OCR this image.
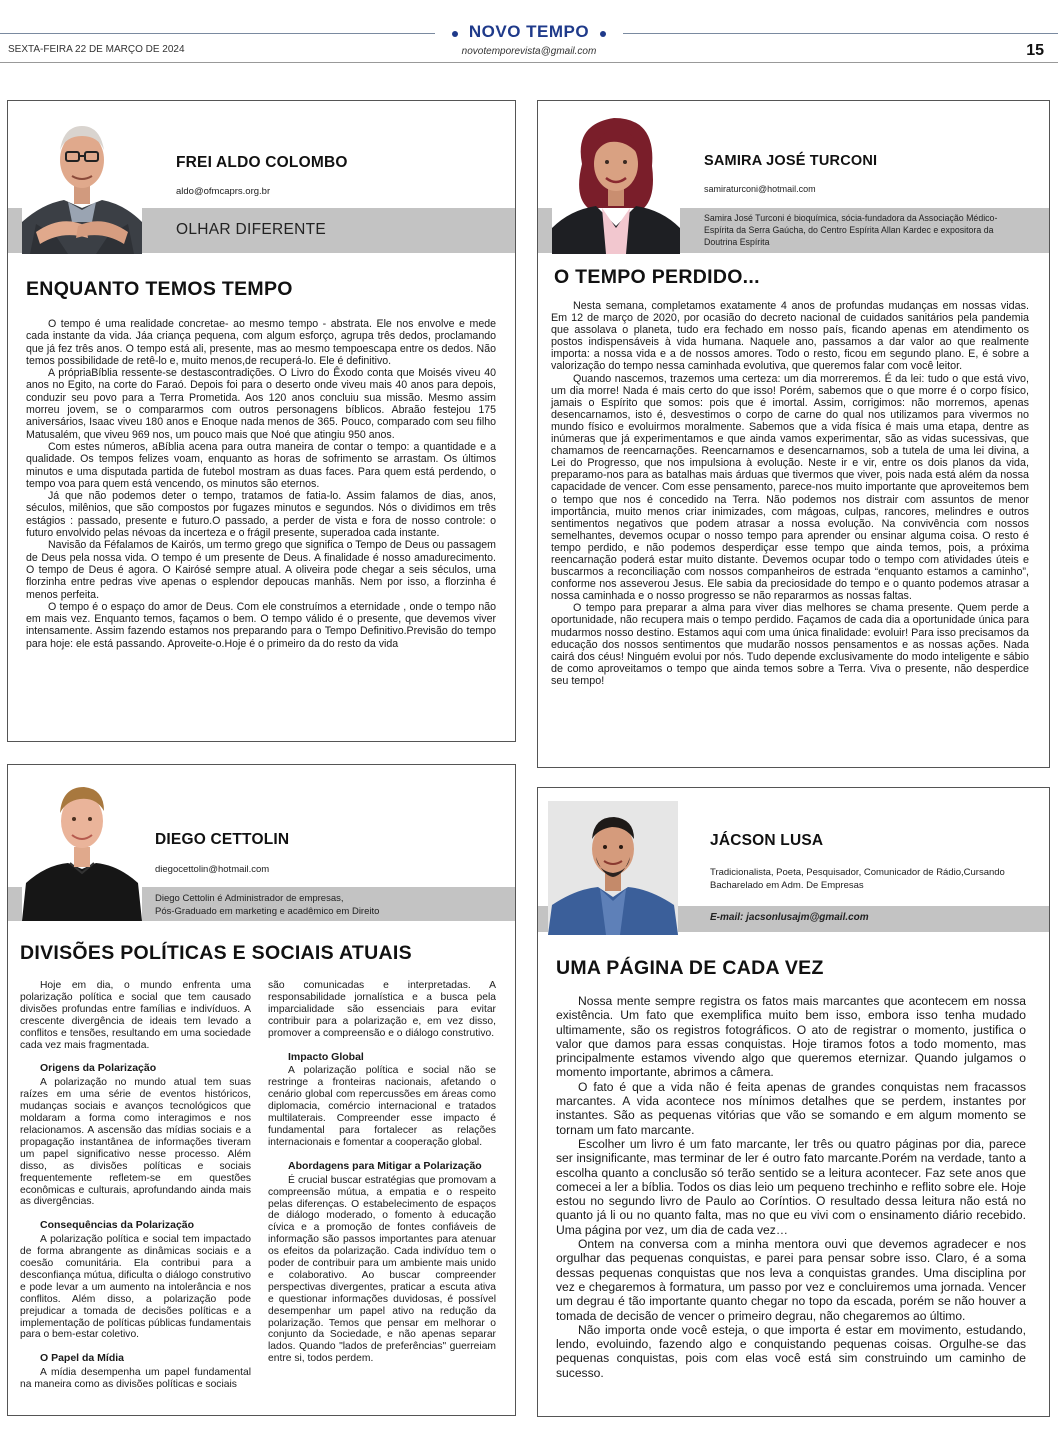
NOVO TEMPO
SEXTA-FEIRA 22 DE MARÇO DE 2024	novotemporevista@gmail.com	15
FREI ALDO COLOMBO
aldo@ofmcaprs.org.br
OLHAR DIFERENTE
ENQUANTO TEMOS TEMPO

O tempo é uma realidade concretae- ao mesmo tempo - abstrata. Ele nos envolve e mede cada instante da vida. Jáa criança pequena, com algum esforço, agrupa três dedos, proclamando que já fez três anos. O tempo está ali, presente, mas ao mesmo tempoescapa entre os dedos. Não temos possibilidade de retê-lo e, muito menos,de recuperá-lo. Ele é definitivo.

A própriaBíblia ressente-se destascontradições. O Livro do Êxodo conta que Moisés viveu 40 anos no Egito, na corte do Faraó. Depois foi para o deserto onde viveu mais 40 anos para depois, conduzir seu povo para a Terra Prometida. Aos 120 anos concluiu sua missão. Mesmo assim morreu jovem, se o compararmos com outros personagens bíblicos. Abraão festejou 175 aniversários, Isaac viveu 180 anos e Enoque nada menos de 365. Pouco, comparado com seu filho Matusalém, que viveu 969 nos, um pouco mais que Noé que atingiu 950 anos.

Com estes números, aBíblia acena para outra maneira de contar o tempo: a quantidade e a qualidade. Os tempos felizes voam, enquanto as horas de sofrimento se arrastam. Os últimos minutos e uma disputada partida de futebol mostram as duas faces. Para quem está perdendo, o tempo voa para quem está vencendo, os minutos são eternos.

Já que não podemos deter o tempo, tratamos de fatia-lo. Assim falamos de dias, anos, séculos, milênios, que são compostos por fugazes minutos e segundos. Nós o dividimos em três estágios : passado, presente e futuro.O passado, a perder de vista e fora de nosso controle: o futuro envolvido pelas névoas da incerteza e o frágil presente, superadoa cada instante.

Navisão da Féfalamos de Kairós, um termo grego que significa o Tempo de Deus ou passagem de Deus pela nossa vida. O tempo é um presente de Deus. A finalidade é nosso amadurecimento. O tempo de Deus é agora. O Kairósé sempre atual. A oliveira pode chegar a seis séculos, uma florzinha entre pedras vive apenas o esplendor depoucas manhãs. Nem por isso, a florzinha é menos perfeita.

O tempo é o espaço do amor de Deus. Com ele construímos a eternidade , onde o tempo não em mais vez. Enquanto temos, façamos o bem. O tempo válido é o presente, que devemos viver intensamente. Assim fazendo estamos nos preparando para o Tempo Definitivo.Previsão do tempo para hoje: ele está passando. Aproveite-o.Hoje é o primeiro da do resto da vida

SAMIRA JOSÉ TURCONI
samiraturconi@hotmail.com
Samira José Turconi é bioquímica, sócia-fundadora da Associação Médico-Espírita da Serra Gaúcha, do Centro Espírita Allan Kardec e expositora da Doutrina Espírita
O TEMPO PERDIDO...

Nesta semana, completamos exatamente 4 anos de profundas mudanças em nossas vidas. Em 12 de março de 2020, por ocasião do decreto nacional de cuidados sanitários pela pandemia que assolava o planeta, tudo era fechado em nosso país, ficando apenas em atendimento os postos indispensáveis à vida humana. Naquele ano, passamos a dar valor ao que realmente importa: a nossa vida e a de nossos amores. Todo o resto, ficou em segundo plano. E, é sobre a valorização do tempo nessa caminhada evolutiva, que queremos falar com você leitor.

Quando nascemos, trazemos uma certeza: um dia morreremos. É da lei: tudo o que está vivo, um dia morre! Nada é mais certo do que isso! Porém, sabemos que o que morre é o corpo físico, jamais o Espírito que somos: pois que é imortal. Assim, corrigimos: não morremos, apenas desencarnamos, isto é, desvestimos o corpo de carne do qual nos utilizamos para vivermos no mundo físico e evoluirmos moralmente. Sabemos que a vida física é mais uma etapa, dentre as inúmeras que já experimentamos e que ainda vamos experimentar, são as vidas sucessivas, que chamamos de reencarnações. Reencarnamos e desencarnamos, sob a tutela de uma lei divina, a Lei do Progresso, que nos impulsiona à evolução. Neste ir e vir, entre os dois planos da vida, preparamo-nos para as batalhas mais árduas que tivermos que viver, pois nada está além da nossa capacidade de vencer. Com esse pensamento, parece-nos muito importante que aproveitemos bem o tempo que nos é concedido na Terra. Não podemos nos distrair com assuntos de menor importância, muito menos criar inimizades, com mágoas, culpas, rancores, melindres e outros sentimentos negativos que podem atrasar a nossa evolução. Na convivência com nossos semelhantes, devemos ocupar o nosso tempo para aprender ou ensinar alguma coisa. O resto é tempo perdido, e não podemos desperdiçar esse tempo que ainda temos, pois, a próxima reencarnação poderá estar muito distante. Devemos ocupar todo o tempo com atividades úteis e buscarmos a reconciliação com nossos companheiros de estrada “enquanto estamos a caminho”, conforme nos asseverou Jesus. Ele sabia da preciosidade do tempo e o quanto podemos atrasar a nossa caminhada e o nosso progresso se não repararmos as nossas faltas.

O tempo para preparar a alma para viver dias melhores se chama presente. Quem perde a oportunidade, não recupera mais o tempo perdido. Façamos de cada dia a oportunidade única para mudarmos nosso destino. Estamos aqui com uma única finalidade: evoluir! Para isso precisamos da educação dos nossos sentimentos que mudarão nossos pensamentos e as nossas ações. Nada cairá dos céus! Ninguém evolui por nós. Tudo depende exclusivamente do modo inteligente e sábio de como aproveitamos o tempo que ainda temos sobre a Terra. Viva o presente, não desperdice seu tempo!

DIEGO CETTOLIN
diegocettolin@hotmail.com
Diego Cettolin é Administrador de empresas,
Pós-Graduado em marketing e acadêmico em Direito
DIVISÕES POLÍTICAS E SOCIAIS ATUAIS

Hoje em dia, o mundo enfrenta uma polarização política e social que tem causado divisões profundas entre famílias e indivíduos. A crescente divergência de ideais tem levado a conflitos e tensões, resultando em uma sociedade cada vez mais fragmentada.

Origens da Polarização

A polarização no mundo atual tem suas raízes em uma série de eventos históricos, mudanças sociais e avanços tecnológicos que moldaram a forma como interagimos e nos relacionamos. A ascensão das mídias sociais e a propagação instantânea de informações tiveram um papel significativo nesse processo. Além disso, as divisões políticas e sociais frequentemente refletem-se em questões econômicas e culturais, aprofundando ainda mais as divergências.

Consequências da Polarização

A polarização política e social tem impactado de forma abrangente as dinâmicas sociais e a coesão comunitária. Ela contribui para a desconfiança mútua, dificulta o diálogo construtivo e pode levar a um aumento na intolerância e nos conflitos. Além disso, a polarização pode prejudicar a tomada de decisões políticas e a implementação de políticas públicas fundamentais para o bem-estar coletivo.

O Papel da Mídia

A mídia desempenha um papel fundamental na maneira como as divisões políticas e sociais

são comunicadas e interpretadas. A responsabilidade jornalística e a busca pela imparcialidade são essenciais para evitar contribuir para a polarização e, em vez disso, promover a compreensão e o diálogo construtivo.

Impacto Global

A polarização política e social não se restringe a fronteiras nacionais, afetando o cenário global com repercussões em áreas como diplomacia, comércio internacional e tratados multilaterais. Compreender esse impacto é fundamental para fortalecer as relações internacionais e fomentar a cooperação global.

Abordagens para Mitigar a Polarização

É crucial buscar estratégias que promovam a compreensão mútua, a empatia e o respeito pelas diferenças. O estabelecimento de espaços de diálogo moderado, o fomento à educação cívica e a promoção de fontes confiáveis de informação são passos importantes para atenuar os efeitos da polarização. Cada indivíduo tem o poder de contribuir para um ambiente mais unido e colaborativo. Ao buscar compreender perspectivas divergentes, praticar a escuta ativa e questionar informações duvidosas, é possível desempenhar um papel ativo na redução da polarização. Temos que pensar em melhorar o conjunto da Sociedade, e não apenas separar lados. Quando "lados de preferências" guerreiam entre si, todos perdem.

JÁCSON LUSA
Tradicionalista, Poeta, Pesquisador, Comunicador de Rádio,Cursando Bacharelado em Adm. De Empresas
E-mail: jacsonlusajm@gmail.com
UMA PÁGINA DE CADA VEZ

Nossa mente sempre registra os fatos mais marcantes que acontecem em nossa existência. Um fato que exemplifica muito bem isso, embora isso tenha mudado ultimamente, são os registros fotográficos. O ato de registrar o momento, justifica o valor que damos para essas conquistas. Hoje tiramos fotos a todo momento, mas principalmente estamos vivendo algo que queremos eternizar. Quando julgamos o momento importante, abrimos a câmera.

O fato é que a vida não é feita apenas de grandes conquistas nem fracassos marcantes. A vida acontece nos mínimos detalhes que se perdem, instantes por instantes. São as pequenas vitórias que vão se somando e em algum momento se tornam um fato marcante.

Escolher um livro é um fato marcante, ler três ou quatro páginas por dia, parece ser insignificante, mas terminar de ler é outro fato marcante.Porém na verdade, tanto a escolha quanto a conclusão só terão sentido se a leitura acontecer. Faz sete anos que comecei a ler a bíblia. Todos os dias leio um pequeno trechinho e reflito sobre ele. Hoje estou no segundo livro de Paulo ao Coríntios. O resultado dessa leitura não está no quanto já li ou no quanto falta, mas no que eu vivi com o ensinamento diário recebido. Uma página por vez, um dia de cada vez…

Ontem na conversa com a minha mentora ouvi que devemos agradecer e nos orgulhar das pequenas conquistas, e parei para pensar sobre isso. Claro, é a soma dessas pequenas conquistas que nos leva a conquistas grandes. Uma disciplina por vez e chegaremos à formatura, um passo por vez e concluiremos uma jornada. Vencer um degrau é tão importante quanto chegar no topo da escada, porém se não houver a tomada de decisão de vencer o primeiro degrau, não chegaremos ao último.

Não importa onde você esteja, o que importa é estar em movimento, estudando, lendo, evoluindo, fazendo algo e conquistando pequenas coisas. Orgulhe-se das pequenas conquistas, pois com elas você está sim construindo um caminho de sucesso.
